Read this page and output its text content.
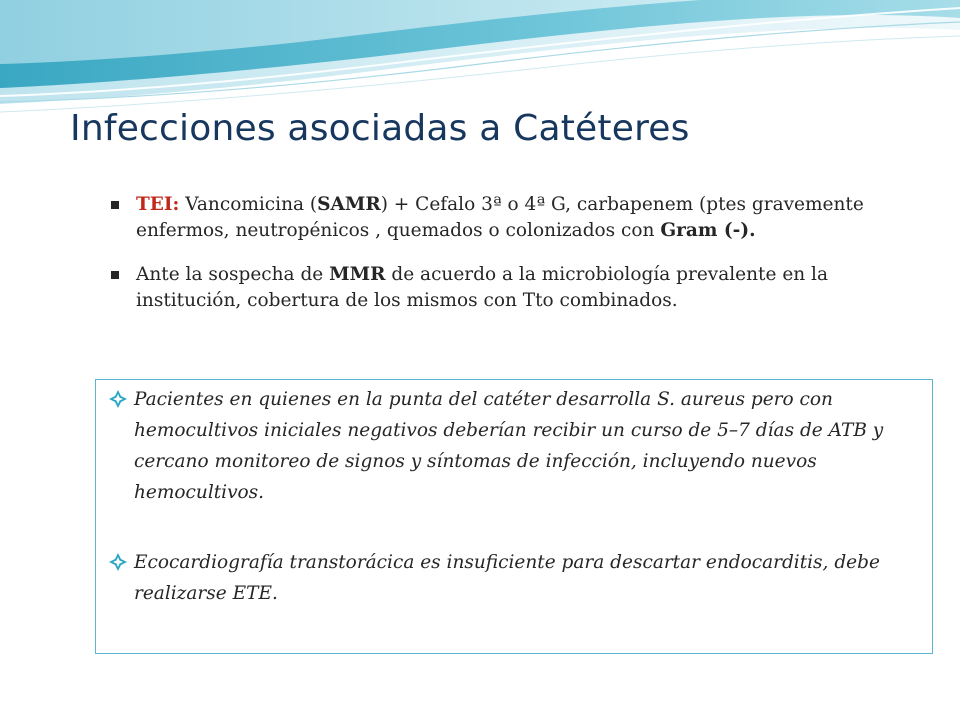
Infecciones asociadas a Catéteres
TEI: Vancomicina (SAMR) + Cefalo 3ª o 4ª G, carbapenem (ptes gravemente enfermos, neutropénicos , quemados o colonizados con Gram (-).
Ante la sospecha de MMR de acuerdo a la microbiología prevalente en la institución, cobertura de los mismos con Tto combinados.
Pacientes en quienes en la punta del catéter desarrolla S. aureus pero con hemocultivos iniciales negativos deberían recibir un curso de 5–7 días de ATB y cercano monitoreo de signos y síntomas de infección, incluyendo nuevos hemocultivos.
Ecocardiografía transtorácica es insuficiente para descartar endocarditis, debe realizarse ETE.
